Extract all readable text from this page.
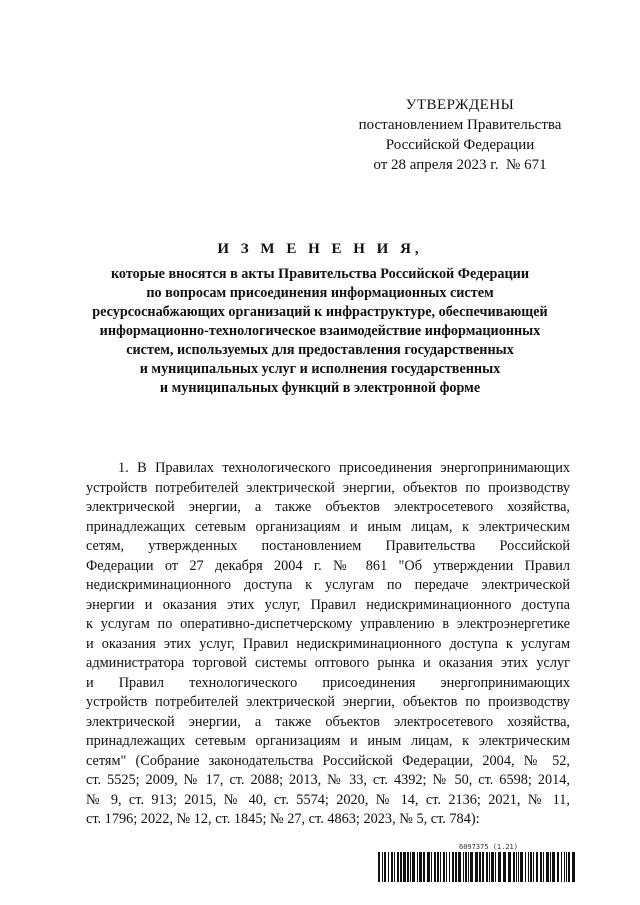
УТВЕРЖДЕНЫ
постановлением Правительства
Российской Федерации
от 28 апреля 2023 г.  № 671
И З М Е Н Е Н И Я,
которые вносятся в акты Правительства Российской Федерации
по вопросам присоединения информационных систем
ресурсоснабжающих организаций к инфраструктуре, обеспечивающей
информационно-технологическое взаимодействие информационных
систем, используемых для предоставления государственных
и муниципальных услуг и исполнения государственных
и муниципальных функций в электронной форме
1. В Правилах технологического присоединения энергопринимающих
устройств потребителей электрической энергии, объектов по производству
электрической энергии, а также объектов электросетевого хозяйства,
принадлежащих сетевым организациям и иным лицам, к электрическим
сетям, утвержденных постановлением Правительства Российской
Федерации от 27 декабря 2004 г. № 861 "Об утверждении Правил
недискриминационного доступа к услугам по передаче электрической
энергии и оказания этих услуг, Правил недискриминационного доступа
к услугам по оперативно-диспетчерскому управлению в электроэнергетике
и оказания этих услуг, Правил недискриминационного доступа к услугам
администратора торговой системы оптового рынка и оказания этих услуг
и Правил технологического присоединения энергопринимающих
устройств потребителей электрической энергии, объектов по производству
электрической энергии, а также объектов электросетевого хозяйства,
принадлежащих сетевым организациям и иным лицам, к электрическим
сетям" (Собрание законодательства Российской Федерации, 2004, № 52,
ст. 5525; 2009, № 17, ст. 2088; 2013, № 33, ст. 4392; № 50, ст. 6598; 2014,
№ 9, ст. 913; 2015, № 40, ст. 5574; 2020, № 14, ст. 2136; 2021, № 11,
ст. 1796; 2022, № 12, ст. 1845; № 27, ст. 4863; 2023, № 5, ст. 784):
6097375 (1.21)
